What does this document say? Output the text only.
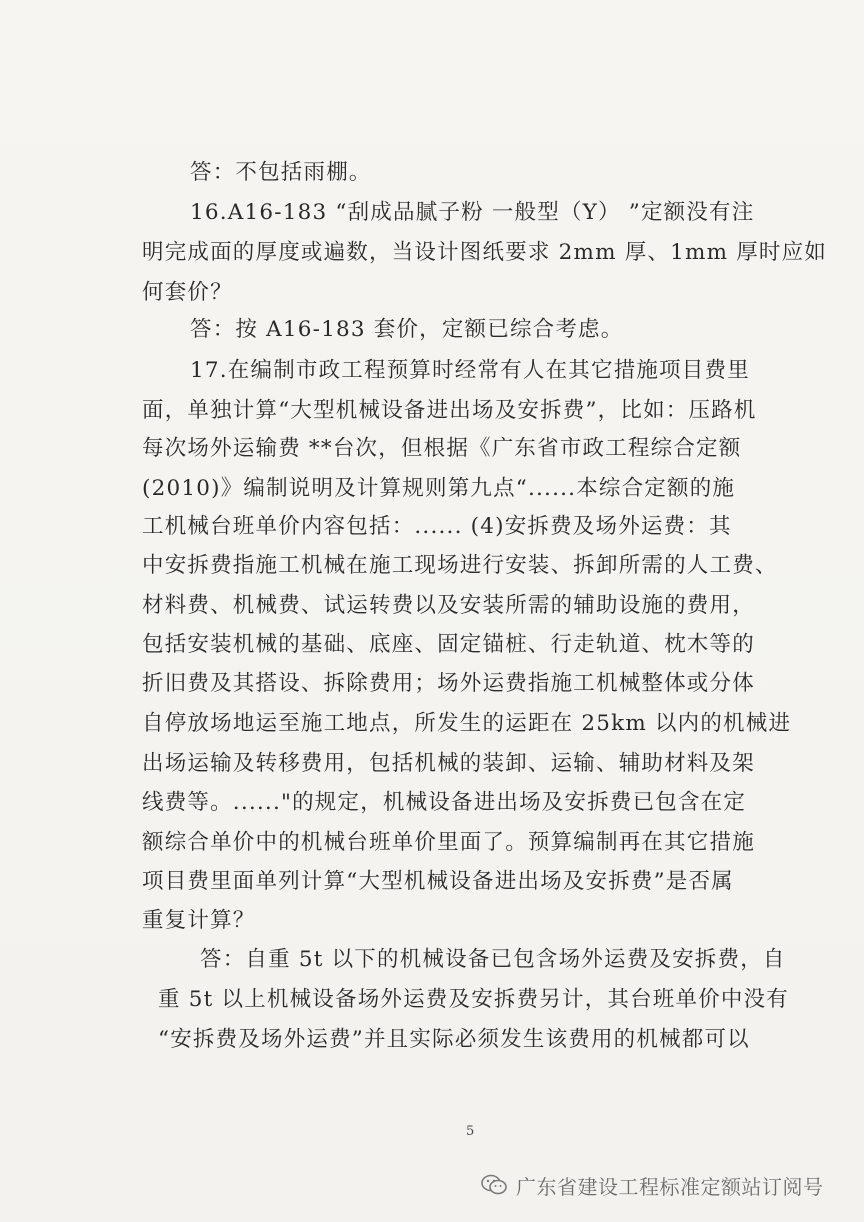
答：不包括雨棚。
16.A16-183 “刮成品腻子粉 一般型（Y） ”定额没有注
明完成面的厚度或遍数，当设计图纸要求 2mm 厚、1mm 厚时应如
何套价？
答：按 A16-183 套价，定额已综合考虑。
17.在编制市政工程预算时经常有人在其它措施项目费里
面，单独计算“大型机械设备进出场及安拆费”，比如：压路机
每次场外运输费 **台次，但根据《广东省市政工程综合定额
(2010)》编制说明及计算规则第九点“......本综合定额的施
工机械台班单价内容包括：...... (4)安拆费及场外运费：其
中安拆费指施工机械在施工现场进行安装、拆卸所需的人工费、
材料费、机械费、试运转费以及安装所需的辅助设施的费用，
包括安装机械的基础、底座、固定锚桩、行走轨道、枕木等的
折旧费及其搭设、拆除费用；场外运费指施工机械整体或分体
自停放场地运至施工地点，所发生的运距在 25km 以内的机械进
出场运输及转移费用，包括机械的装卸、运输、辅助材料及架
线费等。......"的规定，机械设备进出场及安拆费已包含在定
额综合单价中的机械台班单价里面了。预算编制再在其它措施
项目费里面单列计算“大型机械设备进出场及安拆费”是否属
重复计算？
答：自重 5t 以下的机械设备已包含场外运费及安拆费，自
重 5t 以上机械设备场外运费及安拆费另计，其台班单价中没有
“安拆费及场外运费”并且实际必须发生该费用的机械都可以
5
广东省建设工程标准定额站订阅号
